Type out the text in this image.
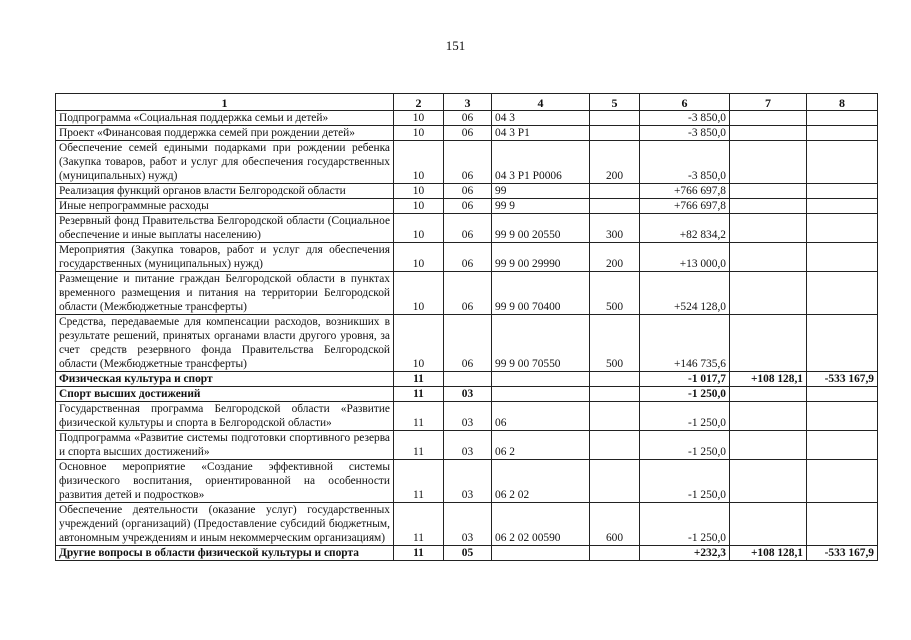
151
1	2	3	4	5	6	7	8
Подпрограмма «Социальная поддержка семьи и детей»	10	06	04 3		-3 850,0		
Проект «Финансовая поддержка семей при рождении детей»	10	06	04 3 P1		-3 850,0		
Обеспечение семей едиными подарками при рождении ребенка (Закупка товаров, работ и услуг для обеспечения государственных (муниципальных) нужд)	10	06	04 3 P1 P0006	200	-3 850,0		
Реализация функций органов власти Белгородской области	10	06	99		+766 697,8		
Иные непрограммные расходы	10	06	99 9		+766 697,8		
Резервный фонд Правительства Белгородской области (Социальное обеспечение и иные выплаты населению)	10	06	99 9 00 20550	300	+82 834,2		
Мероприятия (Закупка товаров, работ и услуг для обеспечения государственных (муниципальных) нужд)	10	06	99 9 00 29990	200	+13 000,0		
Размещение и питание граждан Белгородской области в пунктах временного размещения и питания на территории Белгородской области (Межбюджетные трансферты)	10	06	99 9 00 70400	500	+524 128,0		
Средства, передаваемые для компенсации расходов, возникших в результате решений, принятых органами власти другого уровня, за счет средств резервного фонда Правительства Белгородской области (Межбюджетные трансферты)	10	06	99 9 00 70550	500	+146 735,6		
Физическая культура и спорт	11				-1 017,7	+108 128,1	-533 167,9
Спорт высших достижений	11	03			-1 250,0		
Государственная программа Белгородской области «Развитие физической культуры и спорта в Белгородской области»	11	03	06		-1 250,0		
Подпрограмма «Развитие системы подготовки спортивного резерва и спорта высших достижений»	11	03	06 2		-1 250,0		
Основное мероприятие «Создание эффективной системы физического воспитания, ориентированной на особенности развития детей и подростков»	11	03	06 2 02		-1 250,0		
Обеспечение деятельности (оказание услуг) государственных учреждений (организаций) (Предоставление субсидий бюджетным, автономным учреждениям и иным некоммерческим организациям)	11	03	06 2 02 00590	600	-1 250,0		
Другие вопросы в области физической культуры и спорта	11	05			+232,3	+108 128,1	-533 167,9
